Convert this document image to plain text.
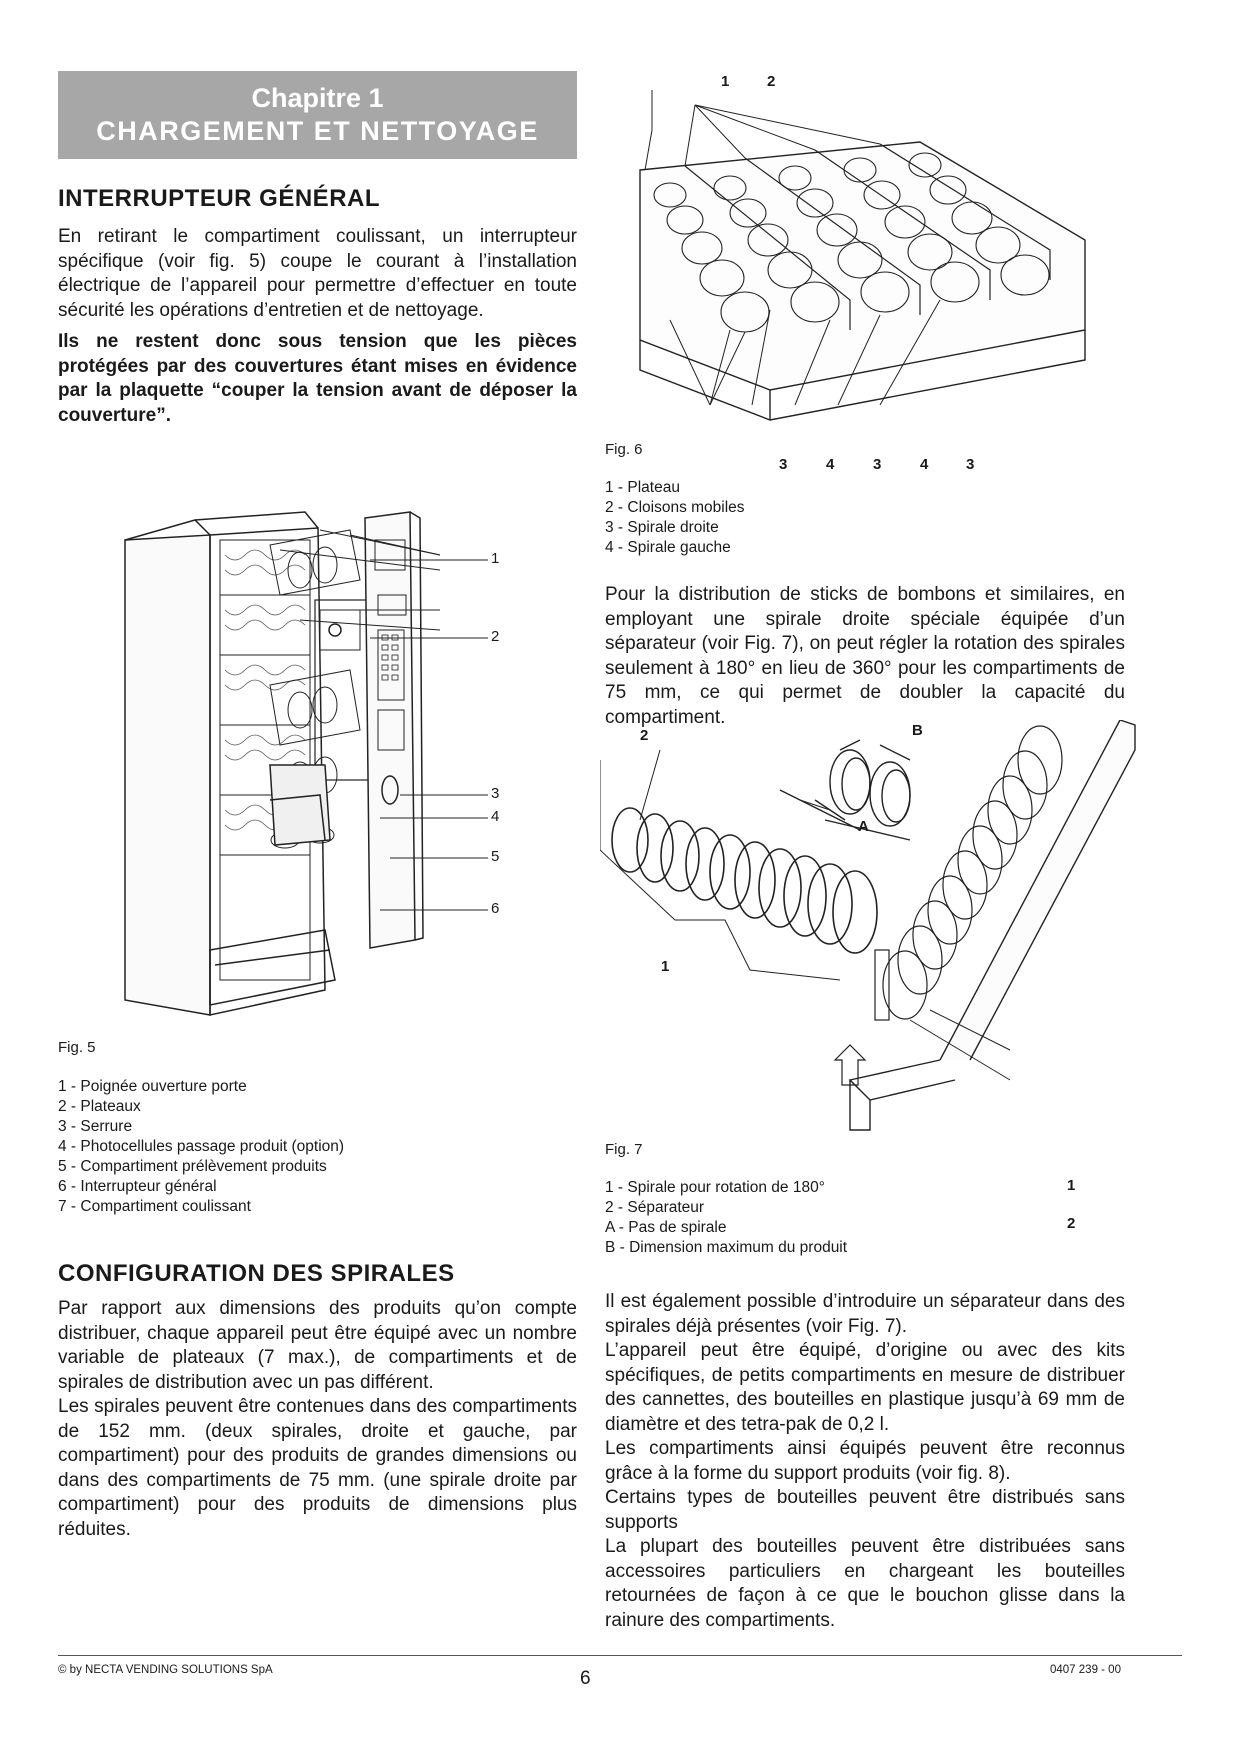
Chapitre 1
CHARGEMENT ET NETTOYAGE
INTERRUPTEUR GÉNÉRAL

En retirant le compartiment coulissant, un interrupteur spécifique (voir fig. 5) coupe le courant à l’installation électrique de l’appareil pour permettre d’effectuer en toute sécurité les opérations d’entretien et de nettoyage.

Ils ne restent donc sous tension que les pièces protégées par des couvertures étant mises en évidence par la plaquette “couper la tension avant de déposer la couverture”.

1
2
3
4
5
6
Fig. 5
1 - Poignée ouverture porte
2 - Plateaux
3 - Serrure
4 - Photocellules passage produit (option)
5 - Compartiment prélèvement produits
6 - Interrupteur général
7 - Compartiment coulissant
CONFIGURATION DES SPIRALES

Par rapport aux dimensions des produits qu’on compte distribuer, chaque appareil peut être équipé avec un nombre variable de plateaux (7 max.), de compartiments et de spirales de distribution avec un pas différent.

Les spirales peuvent être contenues dans des compartiments de 152 mm. (deux spirales, droite et gauche, par compartiment) pour des produits de grandes dimensions ou dans des compartiments de 75 mm. (une spirale droite par compartiment) pour des produits de dimensions plus réduites.

1	2
3	4	3	4	3
Fig. 6
1 - Plateau
2 - Cloisons mobiles
3 - Spirale droite
4 - Spirale gauche

Pour la distribution de sticks de bombons et similaires, en employant une spirale droite spéciale équipée d’un séparateur (voir Fig. 7), on peut régler la rotation des spirales seulement à 180° en lieu de 360° pour les compartiments de 75 mm, ce qui permet de doubler la capacité du compartiment.

2
1
A
B
1
2
Fig. 7
1 - Spirale pour rotation de 180°
2 - Séparateur
A - Pas de spirale
B - Dimension maximum du produit

Il est également possible d’introduire un séparateur dans des spirales déjà présentes (voir Fig. 7).

L’appareil peut être équipé, d’origine ou avec des kits spécifiques, de petits compartiments en mesure de distribuer des cannettes, des bouteilles en plastique jusqu’à 69 mm de diamètre et des tetra-pak de 0,2 l.

Les compartiments ainsi équipés peuvent être reconnus grâce à la forme du support produits (voir fig. 8).

Certains types de bouteilles peuvent être distribués sans supports

La plupart des bouteilles peuvent être distribuées sans accessoires particuliers en chargeant les bouteilles retournées de façon à ce que le bouchon glisse dans la rainure des compartiments.

© by NECTA VENDING SOLUTIONS SpA	6	0407 239 - 00
